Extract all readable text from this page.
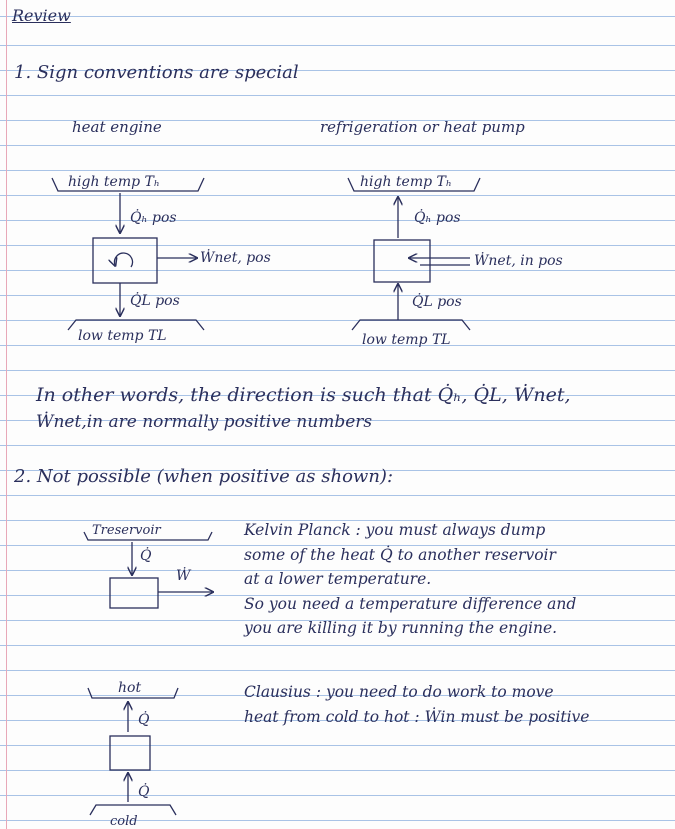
Review
1. Sign conventions are special
heat engine	refrigeration or heat pump
high temp Tₕ
Q̇ₕ pos
Ẇnet, pos
Q̇L pos
low temp TL
high temp Tₕ
Q̇ₕ pos
Ẇnet, in pos
Q̇L pos
low temp TL
Treservoir
Q̇
Ẇ
hot
Q̇
Q̇
cold
In other words, the direction is such that Q̇ₕ, Q̇L, Ẇnet,
Ẇnet,in are normally positive numbers
2. Not possible (when positive as shown):
Kelvin Planck : you must always dump
some of the heat Q̇ to another reservoir
at a lower temperature.
So you need a temperature difference and
you are killing it by running the engine.
Clausius : you need to do work to move
heat from cold to hot : Ẇin must be positive
